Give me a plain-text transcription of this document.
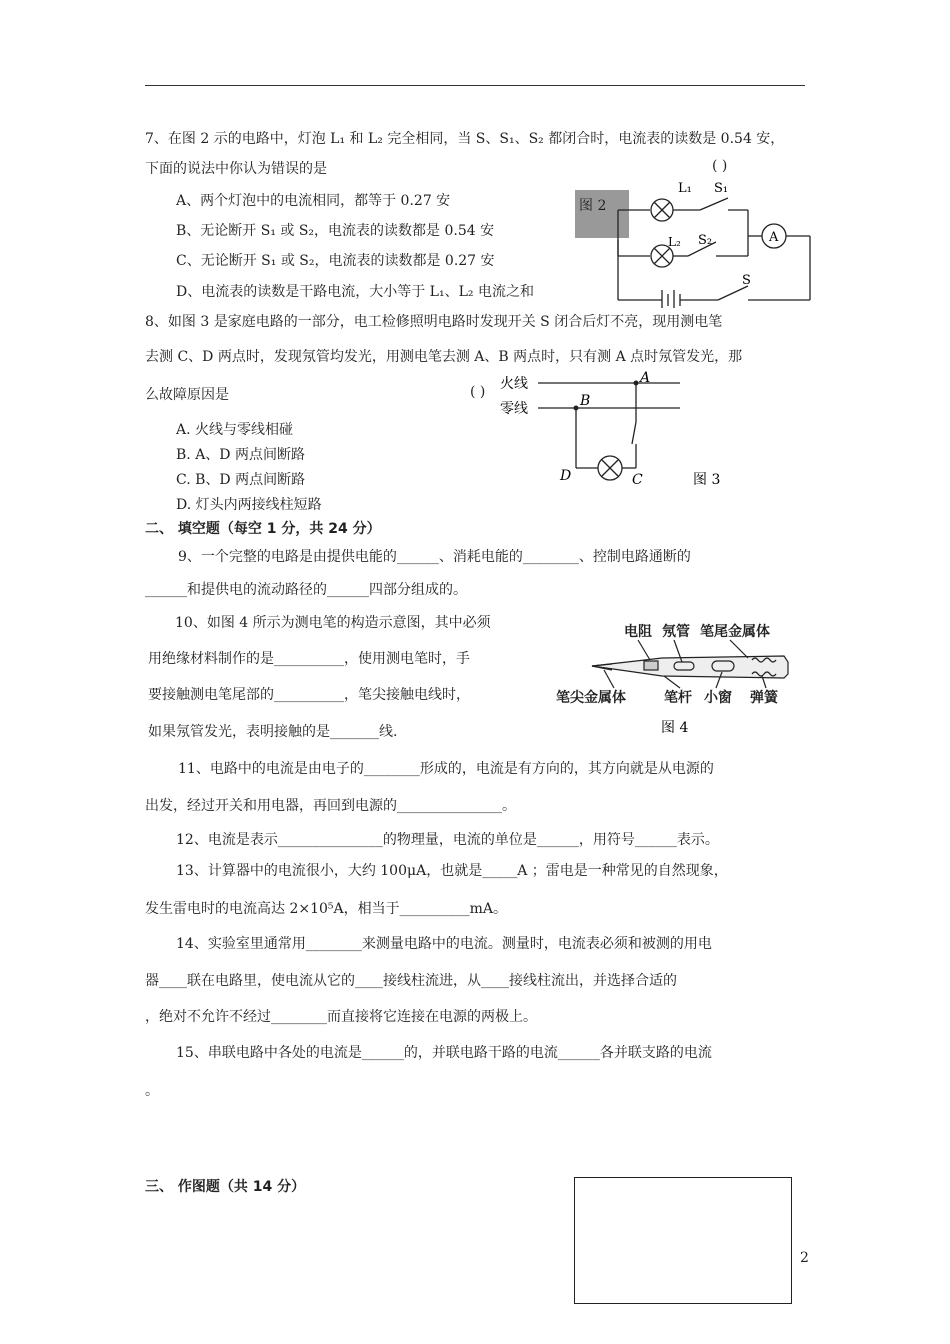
7、在图 2 示的电路中，灯泡 L₁ 和 L₂ 完全相同，当 S、S₁、S₂ 都闭合时，电流表的读数是 0.54 安，
下面的说法中你认为错误的是	( )
A、两个灯泡中的电流相同，都等于 0.27 安
B、无论断开 S₁ 或 S₂，电流表的读数都是 0.54 安
C、无论断开 S₁ 或 S₂，电流表的读数都是 0.27 安
D、电流表的读数是干路电流，大小等于 L₁、L₂ 电流之和
图 2
L₁ S₁
L₂ S₂	A
S
8、如图 3 是家庭电路的一部分，电工检修照明电路时发现开关 S 闭合后灯不亮，现用测电笔
去测 C、D 两点时，发现氖管均发光，用测电笔去测 A、B 两点时，只有测 A 点时氖管发光，那
么故障原因是	( )
A. 火线与零线相碰
B. A、D 两点间断路
C. B、D 两点间断路
D. 灯头内两接线柱短路
火线
零线
A
B
C
D	图 3
二、 填空题（每空 1 分，共 24 分）
9、一个完整的电路是由提供电能的______、消耗电能的________、控制电路通断的
______和提供电的流动路径的______四部分组成的。
10、如图 4 所示为测电笔的构造示意图，其中必须
用绝缘材料制作的是__________，使用测电笔时，手
要接触测电笔尾部的__________，笔尖接触电线时，
如果氖管发光，表明接触的是_______线.
电阻 氖管 笔尾金属体
笔尖金属体	笔杆 小窗 弹簧
图 4
11、电路中的电流是由电子的________形成的，电流是有方向的，其方向就是从电源的
出发，经过开关和用电器，再回到电源的_______________。
12、电流是表示_______________的物理量，电流的单位是______，用符号______表示。
13、计算器中的电流很小，大约 100μA，也就是_____A ；雷电是一种常见的自然现象，
发生雷电时的电流高达 2×10⁵A，相当于__________mA。
14、实验室里通常用________来测量电路中的电流。测量时，电流表必须和被测的用电
器____联在电路里，使电流从它的____接线柱流进，从____接线柱流出，并选择合适的
，绝对不允许不经过________而直接将它连接在电源的两极上。
15、串联电路中各处的电流是______的，并联电路干路的电流______各并联支路的电流
。
三、 作图题（共 14 分）
2
